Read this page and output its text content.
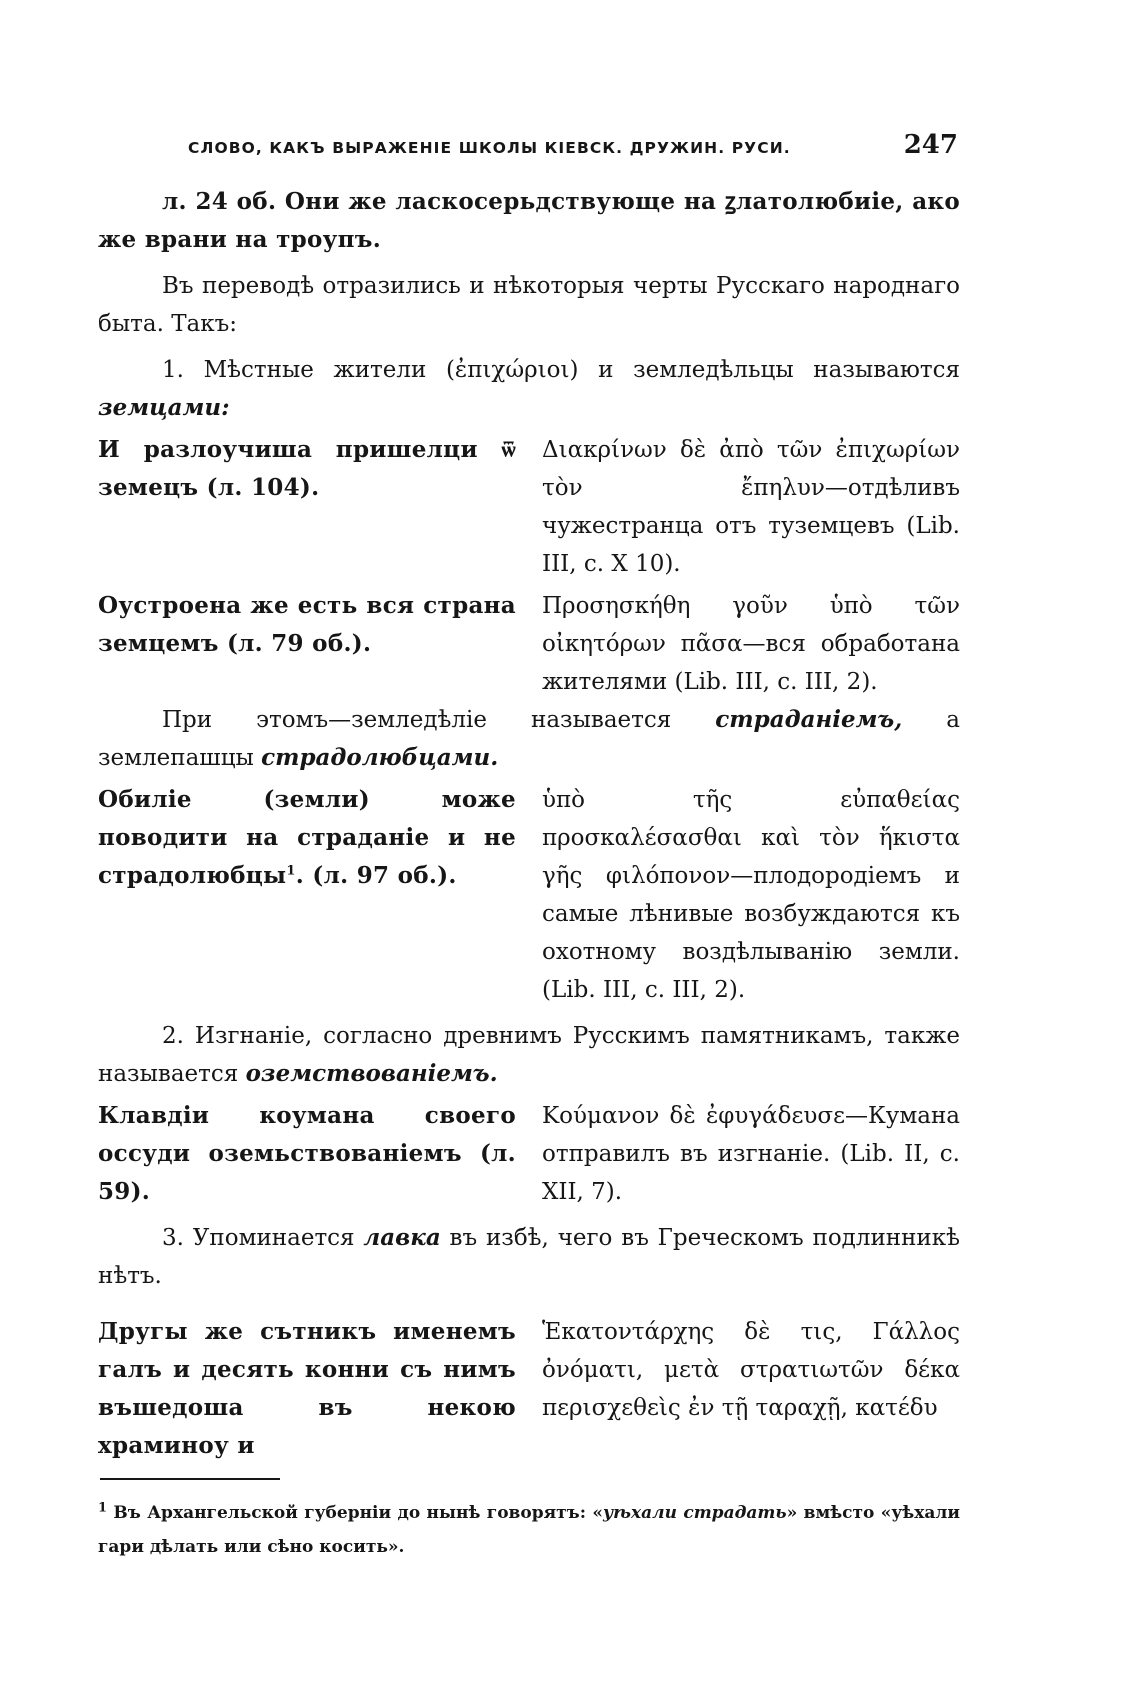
СЛОВО, КАКЪ ВЫРАЖЕНІЕ ШКОЛЫ КІЕВСК. ДРУЖИН. РУСИ.	247

л. 24 об. Они же ласкосерьдствующе на ꙁлатолюбиіе, ако же врани на троупъ.

Въ переводѣ отразились и нѣкоторыя черты Русскаго народнаго быта. Такъ:

1. Мѣстные жители (ἐπιχώριοι) и земледѣльцы называются земцами:

И разлоучиша пришелци ѿ земецъ (л. 104).
Διακρίνων δὲ ἀπὸ τῶν ἐπιχωρίων τὸν ἔπηλυν—отдѣливъ чужестранца отъ туземцевъ (Lib. III, c. X 10).
Оустроена же есть вся страна земцемъ (л. 79 об.).
Προσησκήθη γοῦν ὑπὸ τῶν οἰκητόρων πᾶσα—вся обработана жителями (Lib. III, c. III, 2).

При этомъ—земледѣліе называется страданіемъ, а землепашцы страдолюбцами.

Обиліе (земли) може поводити на страданіе и не страдолюбцы$^1$. (л. 97 об.).
ὑπὸ τῆς εὐπαθείας προσκαλέσασθαι καὶ τὸν ἥκιστα γῆς φιλόπονον—плодородіемъ и самые лѣнивые возбуждаются къ охотному воздѣлыванію земли. (Lib. III, c. III, 2).

2. Изгнаніе, согласно древнимъ Русскимъ памятникамъ, также называется оземствованіемъ.

Клавдіи коумана своего оссуди оземьствованіемъ (л. 59).
Κούμανον δὲ ἐφυγάδευσε—Кумана отправилъ въ изгнаніе. (Lib. II, c. XII, 7).

3. Упоминается лавка въ избѣ, чего въ Греческомъ подлинникѣ нѣтъ.

Другы же сътникъ именемъ галъ и десять конни съ нимъ въшедоша въ некою храминоу и
Ἑκατοντάρχης δὲ τις, Γάλλος ὀνόματι, μετὰ στρατιωτῶν δέκα περισχεθεὶς ἐν τῇ ταραχῇ, κατέδυ
$^1$ Въ Архангельской губерніи до нынѣ говорятъ: «уѣхали страдать» вмѣсто «уѣхали гари дѣлать или сѣно косить».
